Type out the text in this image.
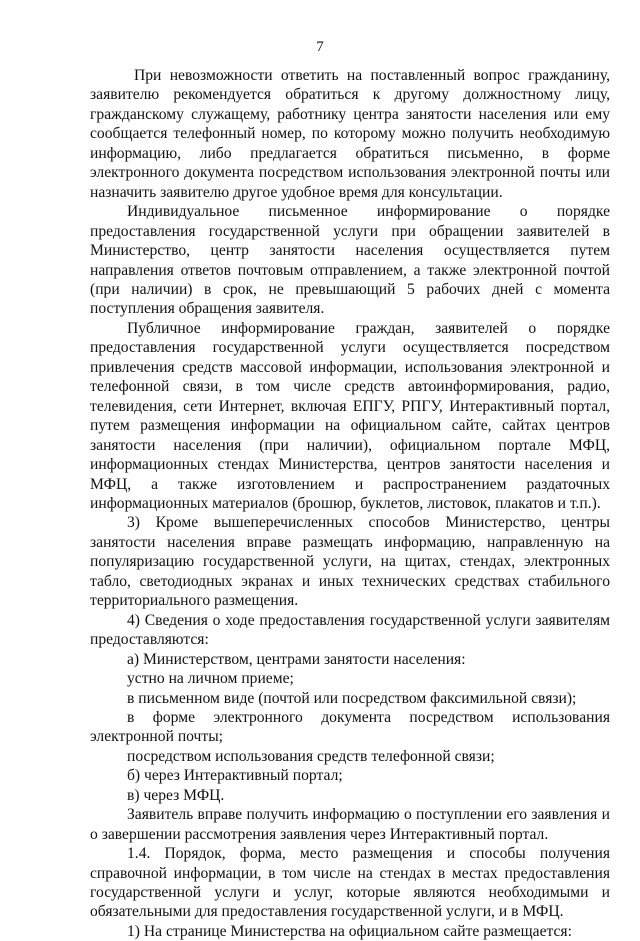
7

При невозможности ответить на поставленный вопрос гражданину, заявителю рекомендуется обратиться к другому должностному лицу, гражданскому служащему, работнику центра занятости населения или ему сообщается телефонный номер, по которому можно получить необходимую информацию, либо предлагается обратиться письменно, в форме электронного документа посредством использования электронной почты или назначить заявителю другое удобное время для консультации.

Индивидуальное письменное информирование о порядке предоставления государственной услуги при обращении заявителей в Министерство, центр занятости населения осуществляется путем направления ответов почтовым отправлением, а также электронной почтой (при наличии) в срок, не превышающий 5 рабочих дней с момента поступления обращения заявителя.

Публичное информирование граждан, заявителей о порядке предоставления государственной услуги осуществляется посредством привлечения средств массовой информации, использования электронной и телефонной связи, в том числе средств автоинформирования, радио, телевидения, сети Интернет, включая ЕПГУ, РПГУ, Интерактивный портал, путем размещения информации на официальном сайте, сайтах центров занятости населения (при наличии), официальном портале МФЦ, информационных стендах Министерства, центров занятости населения и МФЦ, а также изготовлением и распространением раздаточных информационных материалов (брошюр, буклетов, листовок, плакатов и т.п.).

3) Кроме вышеперечисленных способов Министерство, центры занятости населения вправе размещать информацию, направленную на популяризацию государственной услуги, на щитах, стендах, электронных табло, светодиодных экранах и иных технических средствах стабильного территориального размещения.

4) Сведения о ходе предоставления государственной услуги заявителям предоставляются:

а) Министерством, центрами занятости населения:

устно на личном приеме;

в письменном виде (почтой или посредством факсимильной связи);

в форме электронного документа посредством использования электронной почты;

посредством использования средств телефонной связи;

б) через Интерактивный портал;

в) через МФЦ.

Заявитель вправе получить информацию о поступлении его заявления и о завершении рассмотрения заявления через Интерактивный портал.

1.4. Порядок, форма, место размещения и способы получения справочной информации, в том числе на стендах в местах предоставления государственной услуги и услуг, которые являются необходимыми и обязательными для предоставления государственной услуги, и в МФЦ.

1) На странице Министерства на официальном сайте размещается:
